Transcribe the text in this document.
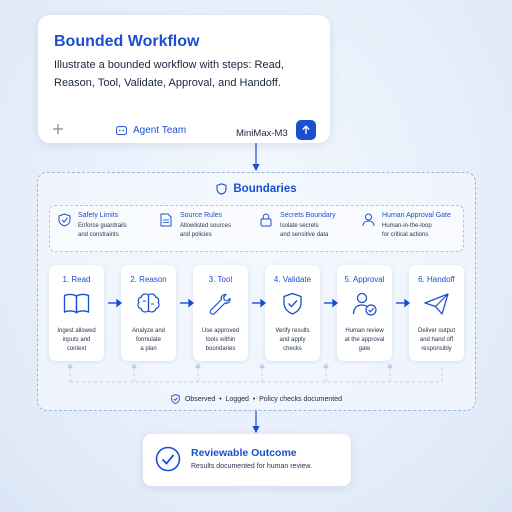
Bounded Workflow
Illustrate a bounded workflow with steps: Read, Reason, Tool, Validate, Approval, and Handoff.
Agent Team	MiniMax-M3
Boundaries
Safety Limits
Enforce guardrails
and constraints
Source Rules
Allowlisted sources
and policies
Secrets Boundary
Isolate secrets
and sensitive data
Human Approval Gate
Human-in-the-loop
for critical actions
1. Read
Ingest allowed
inputs and
context
2. Reason
Analyze and
formulate
a plan
3. Tool
Use approved
tools within
boundaries
4. Validate
Verify results
and apply
checks
5. Approval
Human review
at the approval
gate
6. Handoff
Deliver output
and hand off
responsibly
Observed  •  Logged  •  Policy checks documented
Reviewable Outcome
Results documented for human review.
